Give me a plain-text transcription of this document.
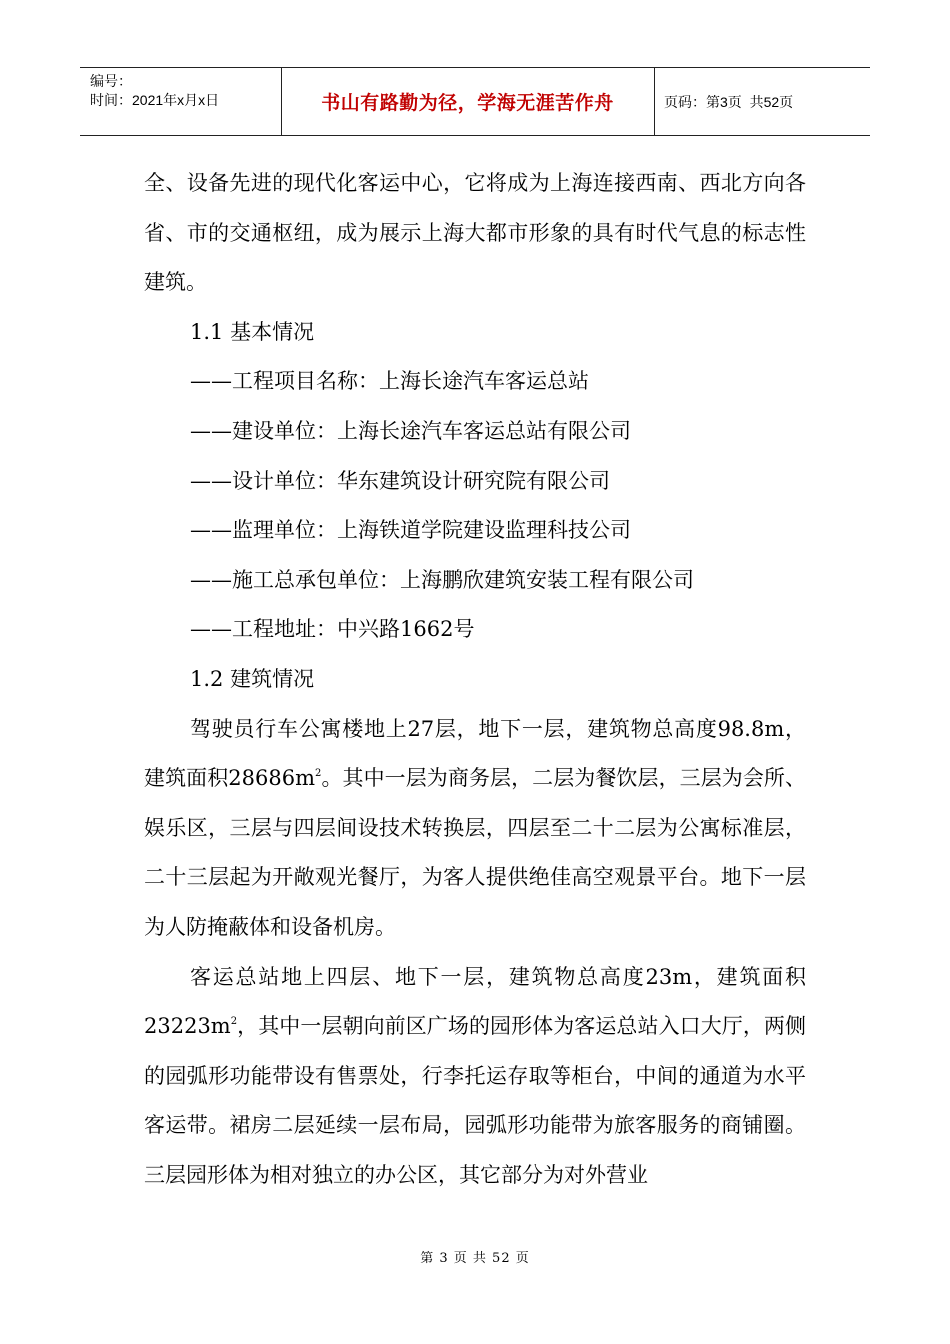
编号：
时间：2021年x月x日	书山有路勤为径，学海无涯苦作舟	页码：第3页  共52页

全、设备先进的现代化客运中心，它将成为上海连接西南、西北方向各省、市的交通枢纽，成为展示上海大都市形象的具有时代气息的标志性建筑。

1.1 基本情况

——工程项目名称：上海长途汽车客运总站

——建设单位：上海长途汽车客运总站有限公司

——设计单位：华东建筑设计研究院有限公司

——监理单位：上海铁道学院建设监理科技公司

——施工总承包单位：上海鹏欣建筑安装工程有限公司

——工程地址：中兴路1662号

1.2 建筑情况

驾驶员行车公寓楼地上27层，地下一层，建筑物总高度98.8m，建筑面积$28686m^2$。其中一层为商务层，二层为餐饮层，三层为会所、娱乐区，三层与四层间设技术转换层，四层至二十二层为公寓标准层，二十三层起为开敞观光餐厅，为客人提供绝佳高空观景平台。地下一层为人防掩蔽体和设备机房。

客运总站地上四层、地下一层，建筑物总高度23m，建筑面积$23223m^2$，其中一层朝向前区广场的园形体为客运总站入口大厅，两侧的园弧形功能带设有售票处，行李托运存取等柜台，中间的通道为水平客运带。裙房二层延续一层布局，园弧形功能带为旅客服务的商铺圈。三层园形体为相对独立的办公区，其它部分为对外营业

第 3 页 共 52 页
